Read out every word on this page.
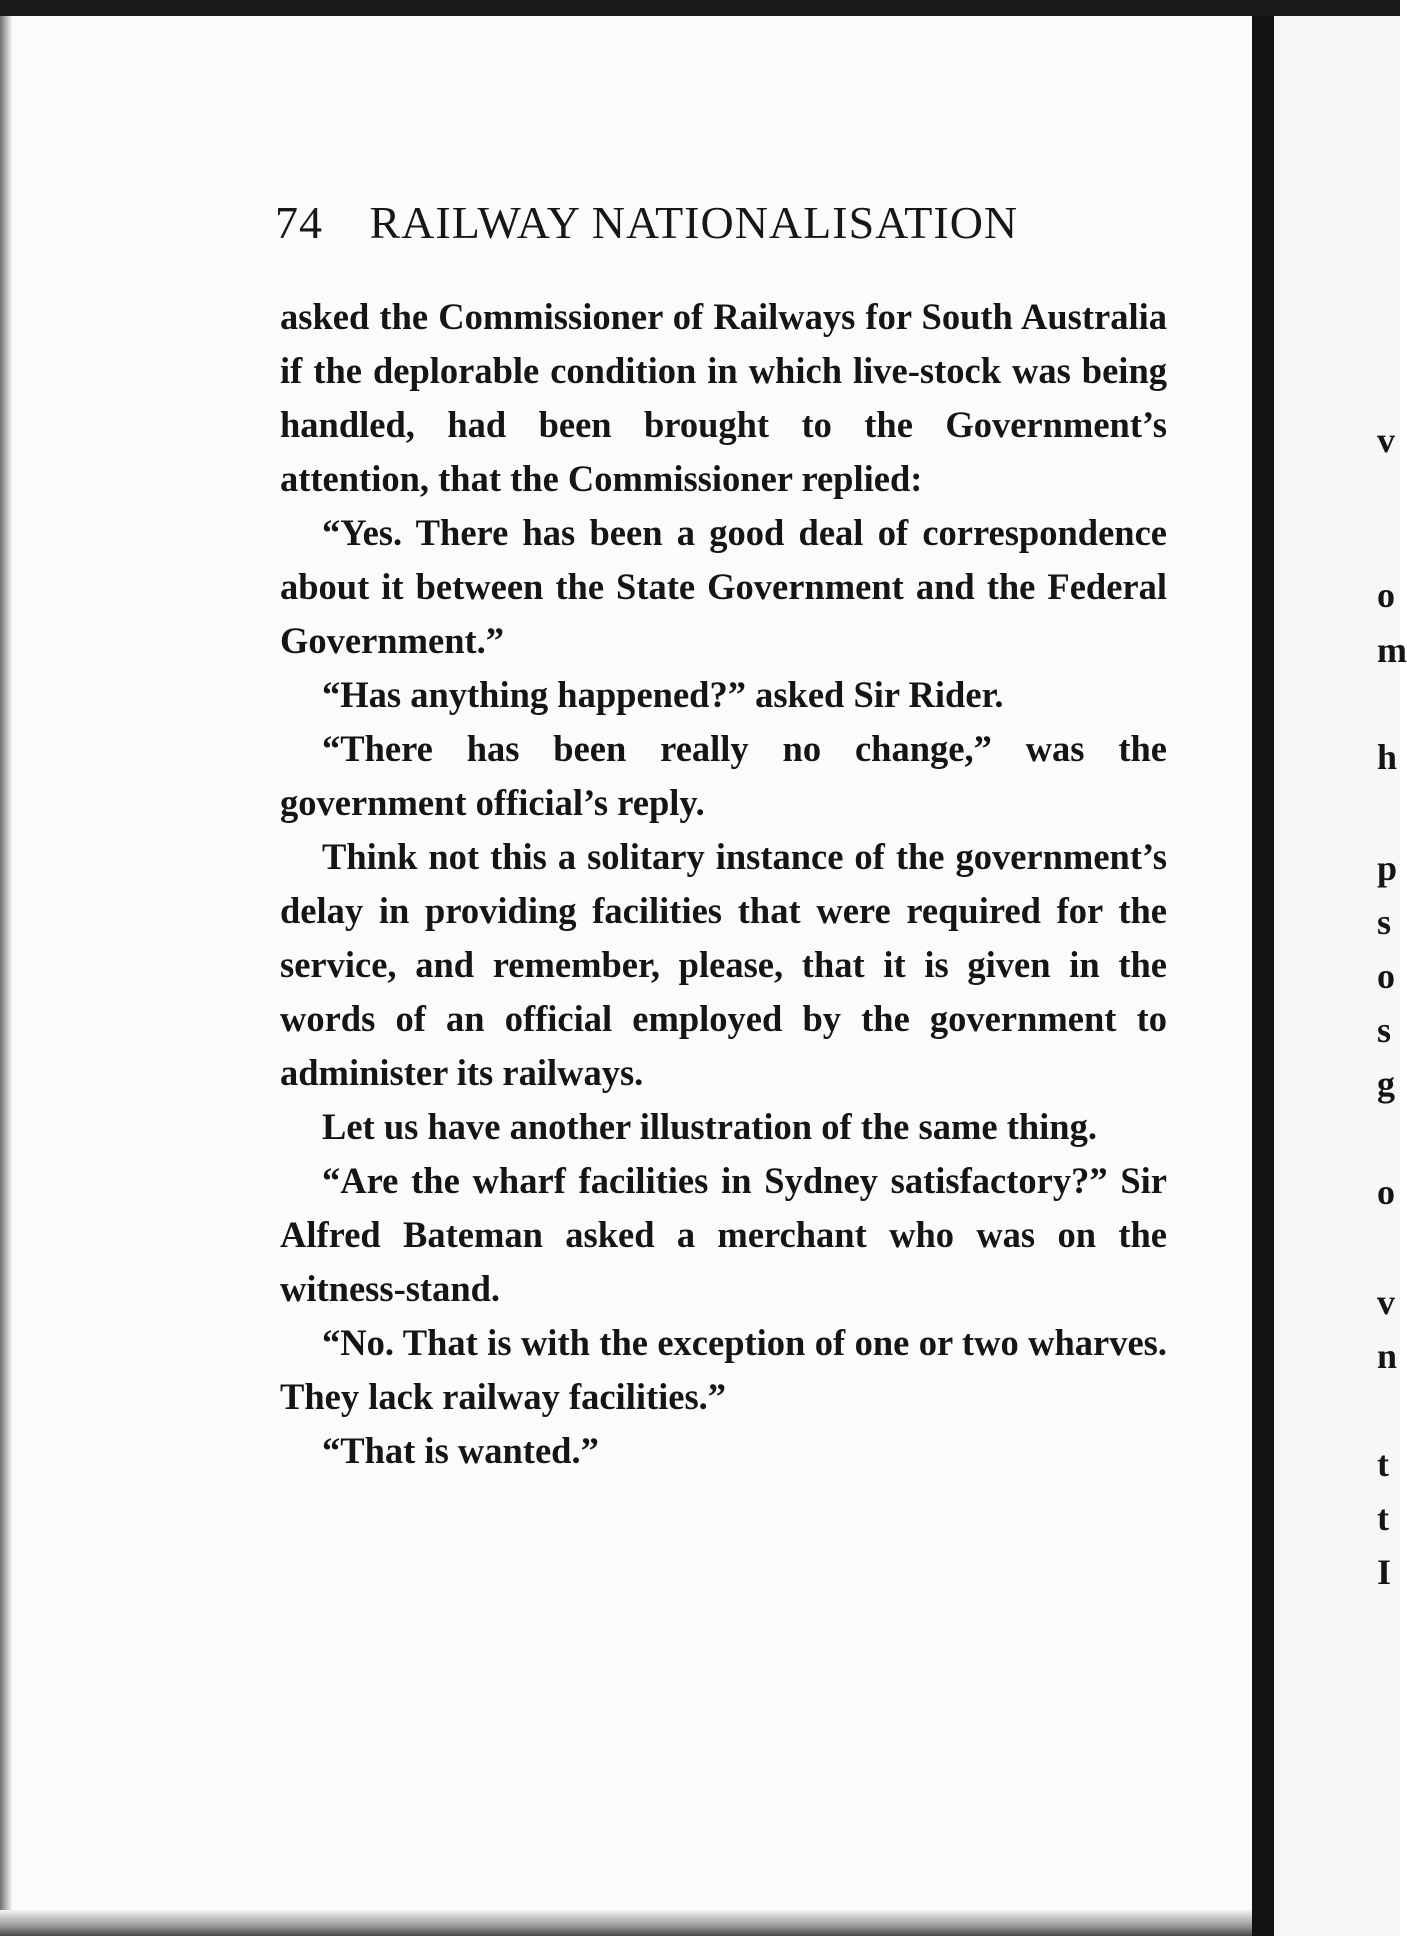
74 RAILWAY NATIONALISATION

asked the Commissioner of Railways for South Australia if the deplorable condition in which live-stock was being handled, had been brought to the Government’s attention, that the Commissioner replied:

“Yes. There has been a good deal of correspondence about it between the State Government and the Federal Government.”

“Has anything happened?” asked Sir Rider.

“There has been really no change,” was the government official’s reply.

Think not this a solitary instance of the government’s delay in providing facilities that were required for the service, and remember, please, that it is given in the words of an official employed by the government to administer its railways.

Let us have another illustration of the same thing.

“Are the wharf facilities in Sydney satisfactory?” Sir Alfred Bateman asked a merchant who was on the witness-stand.

“No. That is with the exception of one or two wharves. They lack railway facilities.”

“That is wanted.”

v
o
m
h
p
s
o
s
g
o
v
n
t
t
I
